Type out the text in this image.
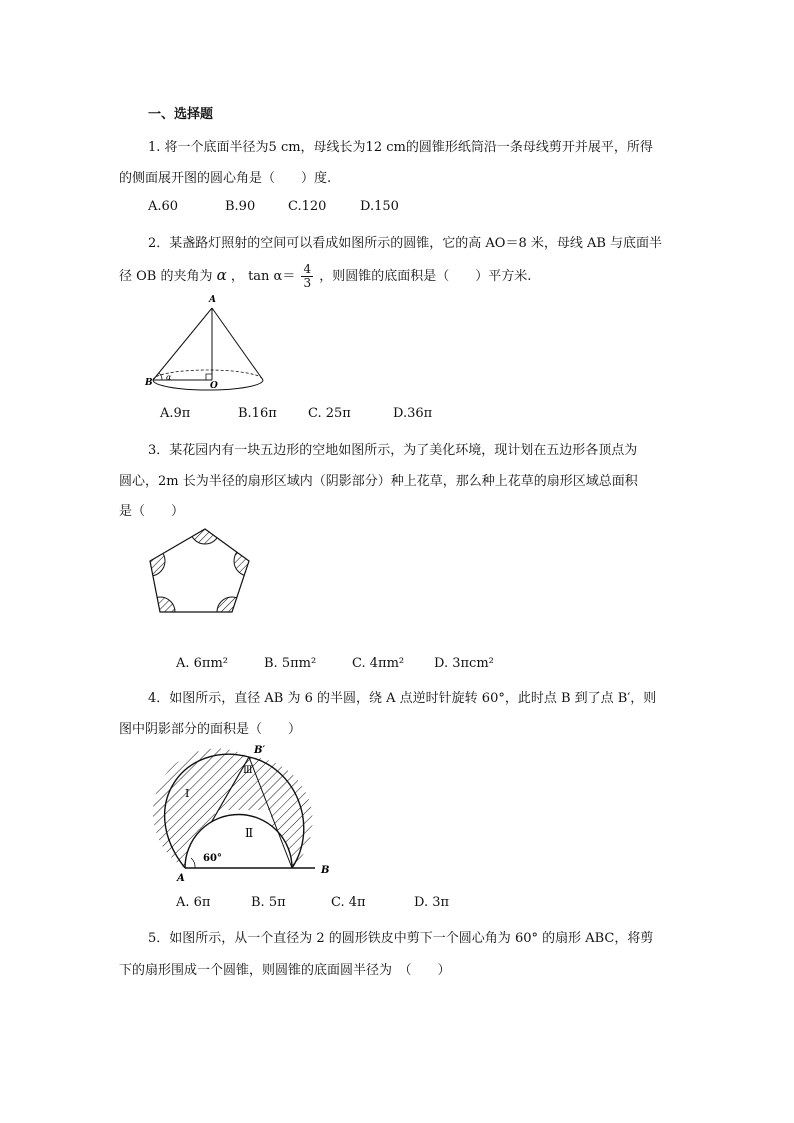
一、选择题
1. 将一个底面半径为5 cm，母线长为12 cm的圆锥形纸筒沿一条母线剪开并展平，所得
的侧面展开图的圆心角是（　　）度.
A.60	B.90	C.120	D.150
2．某盏路灯照射的空间可以看成如图所示的圆锥，它的高 AO＝8 米，母线 AB 与底面半
径 OB 的夹角为 α ， $\tan \alpha= \frac{4}{3}$ ，则圆锥的底面积是（　　）平方米.
A
B	O
α
A.9π	B.16π C. 25π	D.36π
3．某花园内有一块五边形的空地如图所示，为了美化环境，现计划在五边形各顶点为
圆心，2m 长为半径的扇形区域内（阴影部分）种上花草，那么种上花草的扇形区域总面积
是（　　）
A. 6πm²	B. 5πm²	C. 4πm² D. 3πcm²
4．如图所示，直径 AB 为 6 的半圆，绕 A 点逆时针旋转 60°，此时点 B 到了点 B′，则
图中阴影部分的面积是（　　）
A
B
B′
Ⅰ
Ⅱ
Ⅲ
60°
A. 6π	B. 5π	C. 4π	D. 3π
5．如图所示，从一个直径为 2 的圆形铁皮中剪下一个圆心角为 60° 的扇形 ABC，将剪
下的扇形围成一个圆锥，则圆锥的底面圆半径为　（　　）
